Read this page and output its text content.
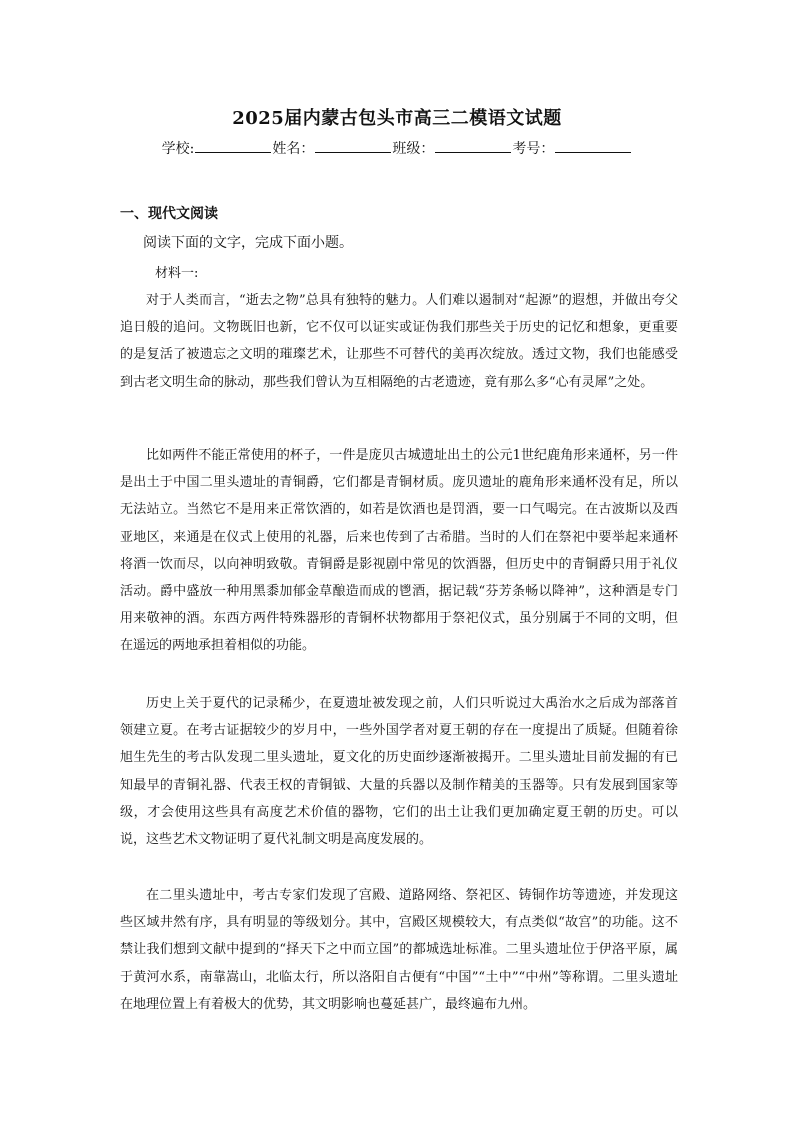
2025届内蒙古包头市高三二模语文试题
学校:	姓名：	班级：	考号：
一、现代文阅读
阅读下面的文字，完成下面小题。
材料一:

对于人类而言，“逝去之物”总具有独特的魅力。人们难以遏制对“起源”的遐想，并做出夸父追日般的追问。文物既旧也新，它不仅可以证实或证伪我们那些关于历史的记忆和想象，更重要的是复活了被遗忘之文明的璀璨艺术，让那些不可替代的美再次绽放。透过文物，我们也能感受到古老文明生命的脉动，那些我们曾认为互相隔绝的古老遗迹，竟有那么多“心有灵犀”之处。

比如两件不能正常使用的杯子，一件是庞贝古城遗址出土的公元1世纪鹿角形来通杯，另一件是出土于中国二里头遗址的青铜爵，它们都是青铜材质。庞贝遗址的鹿角形来通杯没有足，所以无法站立。当然它不是用来正常饮酒的，如若是饮酒也是罚酒，要一口气喝完。在古波斯以及西亚地区，来通是在仪式上使用的礼器，后来也传到了古希腊。当时的人们在祭祀中要举起来通杯将酒一饮而尽，以向神明致敬。青铜爵是影视剧中常见的饮酒器，但历史中的青铜爵只用于礼仪活动。爵中盛放一种用黑黍加郁金草酿造而成的鬯酒，据记载“芬芳条畅以降神”，这种酒是专门用来敬神的酒。东西方两件特殊器形的青铜杯状物都用于祭祀仪式，虽分别属于不同的文明，但在遥远的两地承担着相似的功能。

历史上关于夏代的记录稀少，在夏遗址被发现之前，人们只听说过大禹治水之后成为部落首领建立夏。在考古证据较少的岁月中，一些外国学者对夏王朝的存在一度提出了质疑。但随着徐旭生先生的考古队发现二里头遗址，夏文化的历史面纱逐渐被揭开。二里头遗址目前发掘的有已知最早的青铜礼器、代表王权的青铜钺、大量的兵器以及制作精美的玉器等。只有发展到国家等级，才会使用这些具有高度艺术价值的器物，它们的出土让我们更加确定夏王朝的历史。可以说，这些艺术文物证明了夏代礼制文明是高度发展的。

在二里头遗址中，考古专家们发现了宫殿、道路网络、祭祀区、铸铜作坊等遗迹，并发现这些区域井然有序，具有明显的等级划分。其中，宫殿区规模较大，有点类似“故宫”的功能。这不禁让我们想到文献中提到的“择天下之中而立国”的都城选址标准。二里头遗址位于伊洛平原，属于黄河水系，南靠嵩山，北临太行，所以洛阳自古便有“中国”“土中”“中州”等称谓。二里头遗址在地理位置上有着极大的优势，其文明影响也蔓延甚广，最终遍布九州。
